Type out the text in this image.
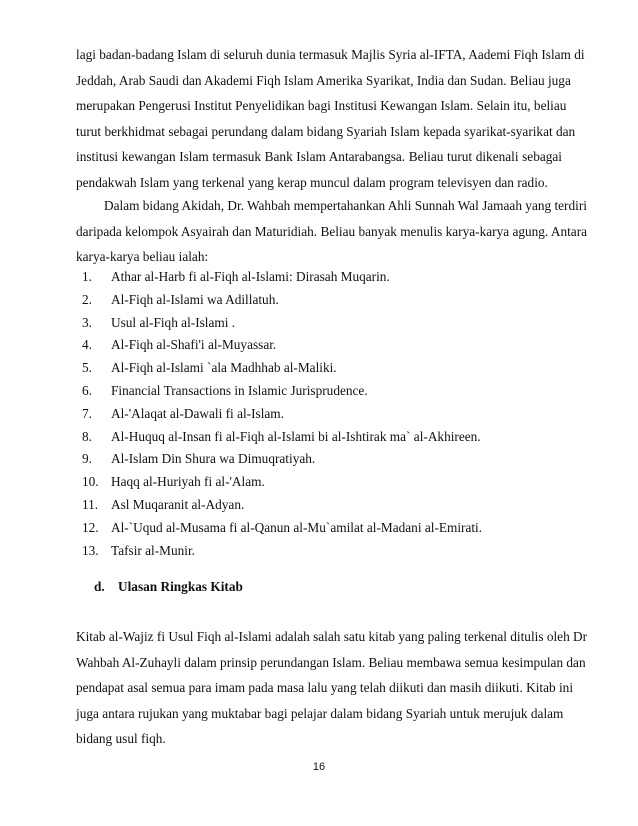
lagi badan-badang Islam di seluruh dunia termasuk Majlis Syria al-IFTA, Aademi Fiqh Islam di
Jeddah, Arab Saudi dan Akademi Fiqh Islam Amerika Syarikat, India dan Sudan. Beliau juga
merupakan Pengerusi Institut Penyelidikan bagi Institusi Kewangan Islam. Selain itu, beliau
turut berkhidmat sebagai perundang dalam bidang Syariah Islam kepada syarikat-syarikat dan
institusi kewangan Islam termasuk Bank Islam Antarabangsa. Beliau turut dikenali sebagai
pendakwah Islam yang terkenal yang kerap muncul dalam program televisyen dan radio.

Dalam bidang Akidah, Dr. Wahbah mempertahankan Ahli Sunnah Wal Jamaah yang terdiri
daripada kelompok Asyairah dan Maturidiah. Beliau banyak menulis karya-karya agung. Antara
karya-karya beliau ialah:

1. Athar al-Harb fi al-Fiqh al-Islami: Dirasah Muqarin.
2. Al-Fiqh al-Islami wa Adillatuh.
3. Usul al-Fiqh al-Islami .
4. Al-Fiqh al-Shafi'i al-Muyassar.
5. Al-Fiqh al-Islami `ala Madhhab al-Maliki.
6. Financial Transactions in Islamic Jurisprudence.
7. Al-'Alaqat al-Dawali fi al-Islam.
8. Al-Huquq al-Insan fi al-Fiqh al-Islami bi al-Ishtirak ma` al-Akhireen.
9. Al-Islam Din Shura wa Dimuqratiyah.
10. Haqq al-Huriyah fi al-'Alam.
11. Asl Muqaranit al-Adyan.
12. Al-`Uqud al-Musama fi al-Qanun al-Mu`amilat al-Madani al-Emirati.
13. Tafsir al-Munir.
d. Ulasan Ringkas Kitab

Kitab al-Wajiz fi Usul Fiqh al-Islami adalah salah satu kitab yang paling terkenal ditulis oleh Dr
Wahbah Al-Zuhayli dalam prinsip perundangan Islam. Beliau membawa semua kesimpulan dan
pendapat asal semua para imam pada masa lalu yang telah diikuti dan masih diikuti. Kitab ini
juga antara rujukan yang muktabar bagi pelajar dalam bidang Syariah untuk merujuk dalam
bidang usul fiqh.

16
